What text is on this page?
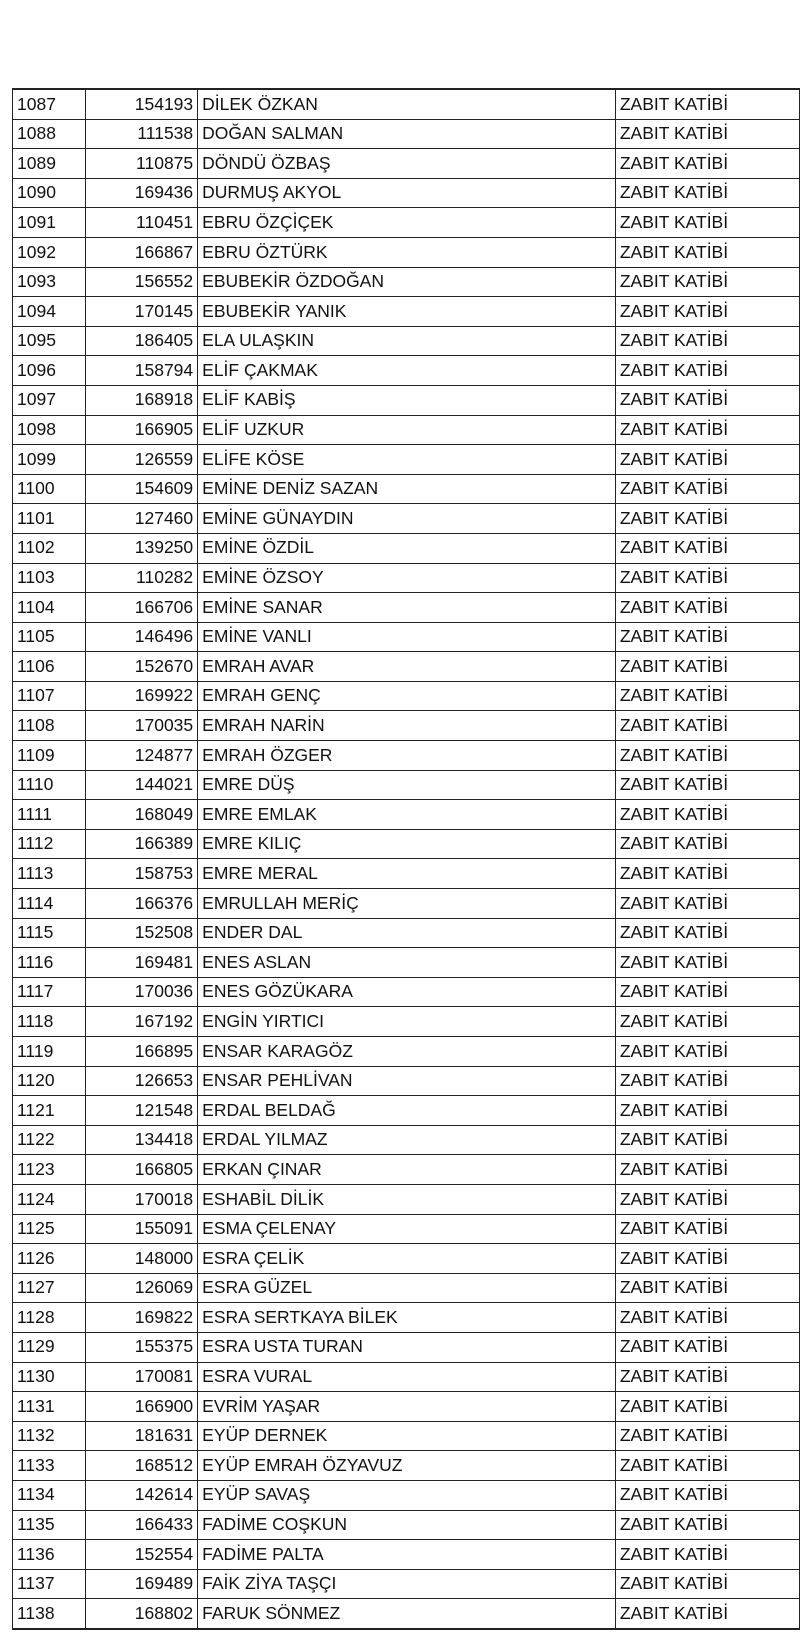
1087	154193	DİLEK ÖZKAN	ZABIT KATİBİ
1088	111538	DOĞAN SALMAN	ZABIT KATİBİ
1089	110875	DÖNDÜ ÖZBAŞ	ZABIT KATİBİ
1090	169436	DURMUŞ AKYOL	ZABIT KATİBİ
1091	110451	EBRU ÖZÇİÇEK	ZABIT KATİBİ
1092	166867	EBRU ÖZTÜRK	ZABIT KATİBİ
1093	156552	EBUBEKİR ÖZDOĞAN	ZABIT KATİBİ
1094	170145	EBUBEKİR YANIK	ZABIT KATİBİ
1095	186405	ELA ULAŞKIN	ZABIT KATİBİ
1096	158794	ELİF ÇAKMAK	ZABIT KATİBİ
1097	168918	ELİF KABİŞ	ZABIT KATİBİ
1098	166905	ELİF UZKUR	ZABIT KATİBİ
1099	126559	ELİFE KÖSE	ZABIT KATİBİ
1100	154609	EMİNE DENİZ SAZAN	ZABIT KATİBİ
1101	127460	EMİNE GÜNAYDIN	ZABIT KATİBİ
1102	139250	EMİNE ÖZDİL	ZABIT KATİBİ
1103	110282	EMİNE ÖZSOY	ZABIT KATİBİ
1104	166706	EMİNE SANAR	ZABIT KATİBİ
1105	146496	EMİNE VANLI	ZABIT KATİBİ
1106	152670	EMRAH AVAR	ZABIT KATİBİ
1107	169922	EMRAH GENÇ	ZABIT KATİBİ
1108	170035	EMRAH NARİN	ZABIT KATİBİ
1109	124877	EMRAH ÖZGER	ZABIT KATİBİ
1110	144021	EMRE DÜŞ	ZABIT KATİBİ
1111	168049	EMRE EMLAK	ZABIT KATİBİ
1112	166389	EMRE KILIÇ	ZABIT KATİBİ
1113	158753	EMRE MERAL	ZABIT KATİBİ
1114	166376	EMRULLAH MERİÇ	ZABIT KATİBİ
1115	152508	ENDER DAL	ZABIT KATİBİ
1116	169481	ENES ASLAN	ZABIT KATİBİ
1117	170036	ENES GÖZÜKARA	ZABIT KATİBİ
1118	167192	ENGİN YIRTICI	ZABIT KATİBİ
1119	166895	ENSAR KARAGÖZ	ZABIT KATİBİ
1120	126653	ENSAR PEHLİVAN	ZABIT KATİBİ
1121	121548	ERDAL BELDAĞ	ZABIT KATİBİ
1122	134418	ERDAL YILMAZ	ZABIT KATİBİ
1123	166805	ERKAN ÇINAR	ZABIT KATİBİ
1124	170018	ESHABİL DİLİK	ZABIT KATİBİ
1125	155091	ESMA ÇELENAY	ZABIT KATİBİ
1126	148000	ESRA ÇELİK	ZABIT KATİBİ
1127	126069	ESRA GÜZEL	ZABIT KATİBİ
1128	169822	ESRA SERTKAYA BİLEK	ZABIT KATİBİ
1129	155375	ESRA USTA TURAN	ZABIT KATİBİ
1130	170081	ESRA VURAL	ZABIT KATİBİ
1131	166900	EVRİM YAŞAR	ZABIT KATİBİ
1132	181631	EYÜP DERNEK	ZABIT KATİBİ
1133	168512	EYÜP EMRAH ÖZYAVUZ	ZABIT KATİBİ
1134	142614	EYÜP SAVAŞ	ZABIT KATİBİ
1135	166433	FADİME COŞKUN	ZABIT KATİBİ
1136	152554	FADİME PALTA	ZABIT KATİBİ
1137	169489	FAİK ZİYA TAŞÇI	ZABIT KATİBİ
1138	168802	FARUK SÖNMEZ	ZABIT KATİBİ
